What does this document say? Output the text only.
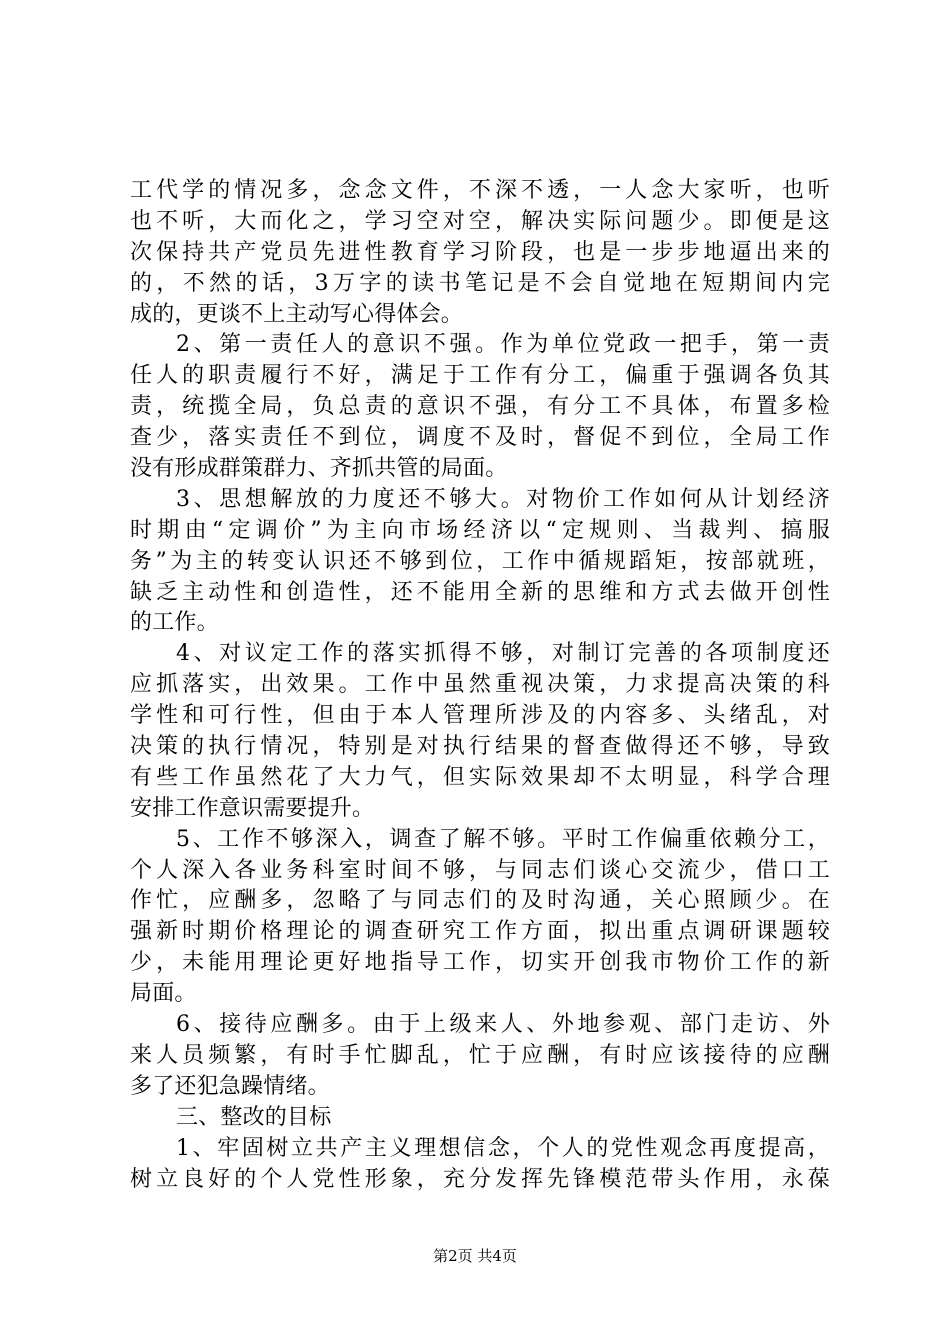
工代学的情况多，念念文件，不深不透，一人念大家听，也听
也不听，大而化之，学习空对空，解决实际问题少。即便是这
次保持共产党员先进性教育学习阶段，也是一步步地逼出来的
的，不然的话，3万字的读书笔记是不会自觉地在短期间内完
成的，更谈不上主动写心得体会。
2、第一责任人的意识不强。作为单位党政一把手，第一责
任人的职责履行不好，满足于工作有分工，偏重于强调各负其
责，统揽全局，负总责的意识不强，有分工不具体，布置多检
查少，落实责任不到位，调度不及时，督促不到位，全局工作
没有形成群策群力、齐抓共管的局面。
3、思想解放的力度还不够大。对物价工作如何从计划经济
时期由“定调价”为主向市场经济以“定规则、当裁判、搞服
务”为主的转变认识还不够到位，工作中循规蹈矩，按部就班，
缺乏主动性和创造性，还不能用全新的思维和方式去做开创性
的工作。
4、对议定工作的落实抓得不够，对制订完善的各项制度还
应抓落实，出效果。工作中虽然重视决策，力求提高决策的科
学性和可行性，但由于本人管理所涉及的内容多、头绪乱，对
决策的执行情况，特别是对执行结果的督查做得还不够，导致
有些工作虽然花了大力气，但实际效果却不太明显，科学合理
安排工作意识需要提升。
5、工作不够深入，调查了解不够。平时工作偏重依赖分工，
个人深入各业务科室时间不够，与同志们谈心交流少，借口工
作忙，应酬多，忽略了与同志们的及时沟通，关心照顾少。在
强新时期价格理论的调查研究工作方面，拟出重点调研课题较
少，未能用理论更好地指导工作，切实开创我市物价工作的新
局面。
6、接待应酬多。由于上级来人、外地参观、部门走访、外
来人员频繁，有时手忙脚乱，忙于应酬，有时应该接待的应酬
多了还犯急躁情绪。
三、整改的目标
1、牢固树立共产主义理想信念，个人的党性观念再度提高，
树立良好的个人党性形象，充分发挥先锋模范带头作用，永葆
第2页 共4页
